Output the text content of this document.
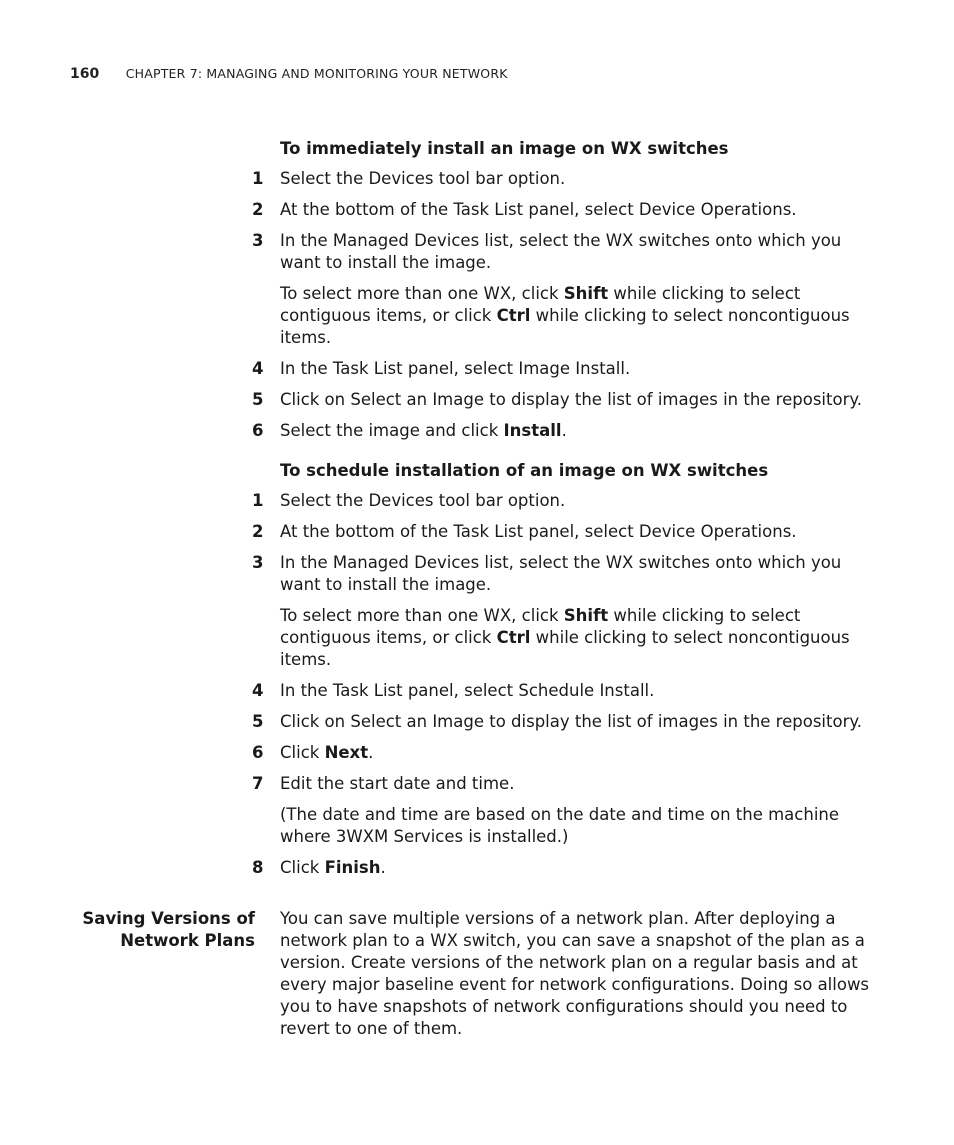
160 CHAPTER 7: MANAGING AND MONITORING YOUR NETWORK
To immediately install an image on WX switches
1	Select the Devices tool bar option.
2	At the bottom of the Task List panel, select Device Operations.
3	In the Managed Devices list, select the WX switches onto which you want to install the image.
To select more than one WX, click Shift while clicking to select contiguous items, or click Ctrl while clicking to select noncontiguous items.
4	In the Task List panel, select Image Install.
5	Click on Select an Image to display the list of images in the repository.
6	Select the image and click Install.
To schedule installation of an image on WX switches
1	Select the Devices tool bar option.
2	At the bottom of the Task List panel, select Device Operations.
3	In the Managed Devices list, select the WX switches onto which you want to install the image.
To select more than one WX, click Shift while clicking to select contiguous items, or click Ctrl while clicking to select noncontiguous items.
4	In the Task List panel, select Schedule Install.
5	Click on Select an Image to display the list of images in the repository.
6	Click Next.
7	Edit the start date and time.
(The date and time are based on the date and time on the machine where 3WXM Services is installed.)
8	Click Finish.
Saving Versions of
Network Plans
You can save multiple versions of a network plan. After deploying a network plan to a WX switch, you can save a snapshot of the plan as a version. Create versions of the network plan on a regular basis and at every major baseline event for network configurations. Doing so allows you to have snapshots of network configurations should you need to revert to one of them.
